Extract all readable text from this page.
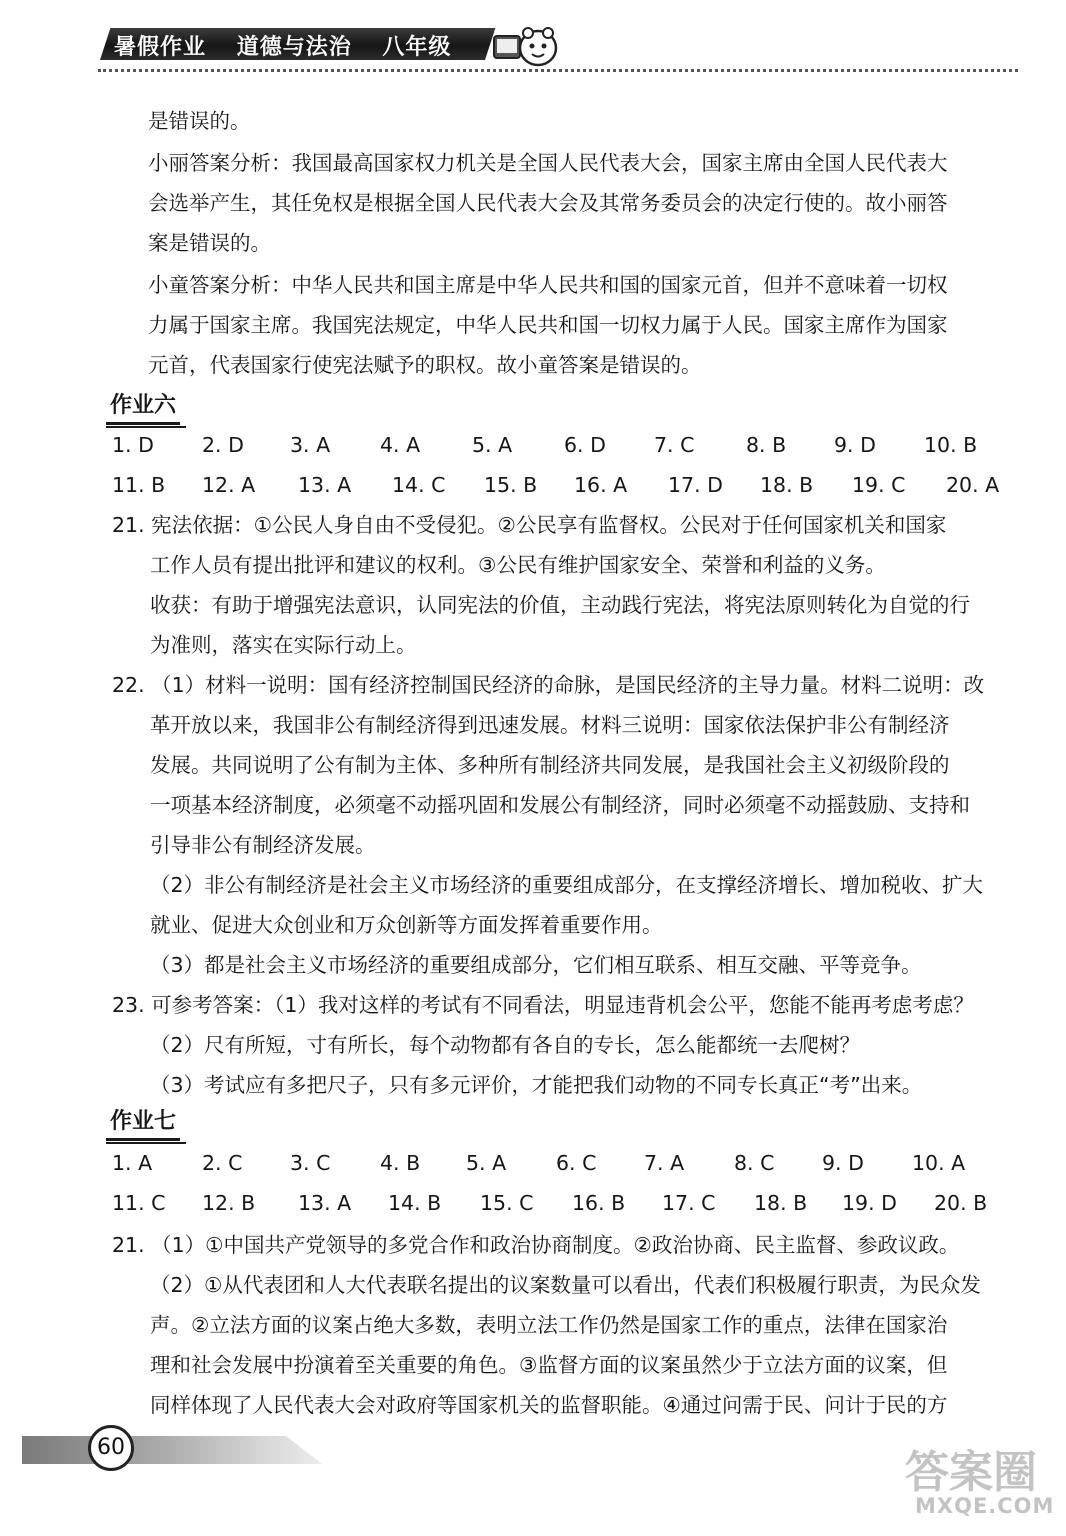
暑假作业 道德与法治 八年级
是错误的。
小丽答案分析：我国最高国家权力机关是全国人民代表大会，国家主席由全国人民代表大
会选举产生，其任免权是根据全国人民代表大会及其常务委员会的决定行使的。故小丽答
案是错误的。
小童答案分析：中华人民共和国主席是中华人民共和国的国家元首，但并不意味着一切权
力属于国家主席。我国宪法规定，中华人民共和国一切权力属于人民。国家主席作为国家
元首，代表国家行使宪法赋予的职权。故小童答案是错误的。
作业六
1. D 2. D 3. A 4. A	5. A	6. D 7. C	8. B 9. D 10. B
11. B 12. A 13. A 14. C 15. B 16. A 17. D 18. B 19. C 20. A
21. 宪法依据：①公民人身自由不受侵犯。②公民享有监督权。公民对于任何国家机关和国家
工作人员有提出批评和建议的权利。③公民有维护国家安全、荣誉和利益的义务。
收获：有助于增强宪法意识，认同宪法的价值，主动践行宪法，将宪法原则转化为自觉的行
为准则，落实在实际行动上。
22. （1）材料一说明：国有经济控制国民经济的命脉，是国民经济的主导力量。材料二说明：改
革开放以来，我国非公有制经济得到迅速发展。材料三说明：国家依法保护非公有制经济
发展。共同说明了公有制为主体、多种所有制经济共同发展，是我国社会主义初级阶段的
一项基本经济制度，必须毫不动摇巩固和发展公有制经济，同时必须毫不动摇鼓励、支持和
引导非公有制经济发展。
（2）非公有制经济是社会主义市场经济的重要组成部分，在支撑经济增长、增加税收、扩大
就业、促进大众创业和万众创新等方面发挥着重要作用。
（3）都是社会主义市场经济的重要组成部分，它们相互联系、相互交融、平等竞争。
23. 可参考答案：（1）我对这样的考试有不同看法，明显违背机会公平，您能不能再考虑考虑？
（2）尺有所短，寸有所长，每个动物都有各自的专长，怎么能都统一去爬树？
（3）考试应有多把尺子，只有多元评价，才能把我们动物的不同专长真正“考”出来。
作业七
1. A 2. C 3. C 4. B 5. A 6. C 7. A 8. C 9. D 10. A
11. C 12. B 13. A 14. B 15. C 16. B 17. C 18. B 19. D 20. B
21. （1）①中国共产党领导的多党合作和政治协商制度。②政治协商、民主监督、参政议政。
（2）①从代表团和人大代表联名提出的议案数量可以看出，代表们积极履行职责，为民众发
声。②立法方面的议案占绝大多数，表明立法工作仍然是国家工作的重点，法律在国家治
理和社会发展中扮演着至关重要的角色。③监督方面的议案虽然少于立法方面的议案，但
同样体现了人民代表大会对政府等国家机关的监督职能。④通过问需于民、问计于民的方
60	答案圈
MXQE.COM
